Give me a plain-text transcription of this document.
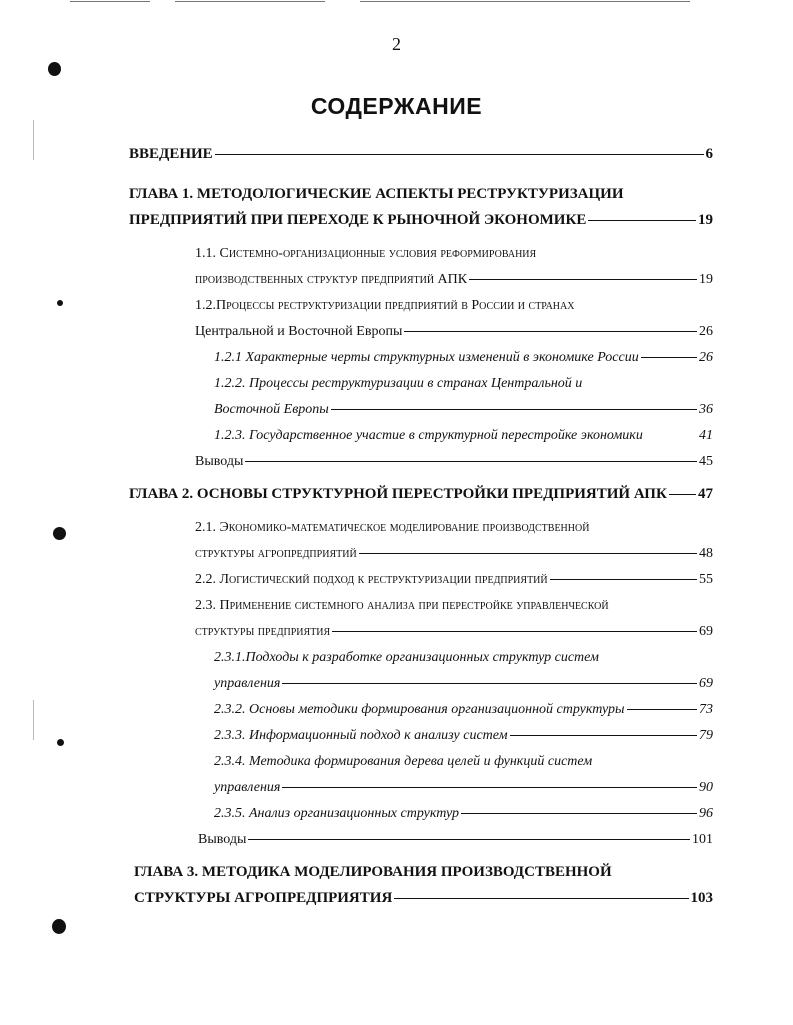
2
СОДЕРЖАНИЕ
ВВЕДЕНИЕ	6
ГЛАВА 1. МЕТОДОЛОГИЧЕСКИЕ АСПЕКТЫ РЕСТРУКТУРИЗАЦИИ
ПРЕДПРИЯТИЙ ПРИ ПЕРЕХОДЕ К РЫНОЧНОЙ ЭКОНОМИКЕ	19
1.1. Системно-организационные условия реформирования
производственных структур предприятий АПК	19
1.2.Процессы реструктуризации предприятий в России и странах
Центральной и Восточной Европы	26
1.2.1 Характерные черты структурных изменений в экономике России	26
1.2.2. Процессы реструктуризации в странах Центральной и
Восточной Европы	36
1.2.3. Государственное участие в структурной перестройке экономики	41
Выводы	45
ГЛАВА 2. ОСНОВЫ СТРУКТУРНОЙ ПЕРЕСТРОЙКИ ПРЕДПРИЯТИЙ АПК 47
2.1. Экономико-математическое моделирование производственной
структуры агропредприятий	48
2.2. Логистический подход к реструктуризации предприятий	55
2.3. Применение системного анализа при перестройке управленческой
структуры предприятия	69
2.3.1.Подходы к разработке организационных структур систем
управления	69
2.3.2. Основы методики формирования организационной структуры	73
2.3.3. Информационный подход к анализу систем	79
2.3.4. Методика формирования дерева целей и функций систем
управления	90
2.3.5. Анализ организационных структур	96
Выводы	101
ГЛАВА 3. МЕТОДИКА МОДЕЛИРОВАНИЯ ПРОИЗВОДСТВЕННОЙ
СТРУКТУРЫ АГРОПРЕДПРИЯТИЯ	103
